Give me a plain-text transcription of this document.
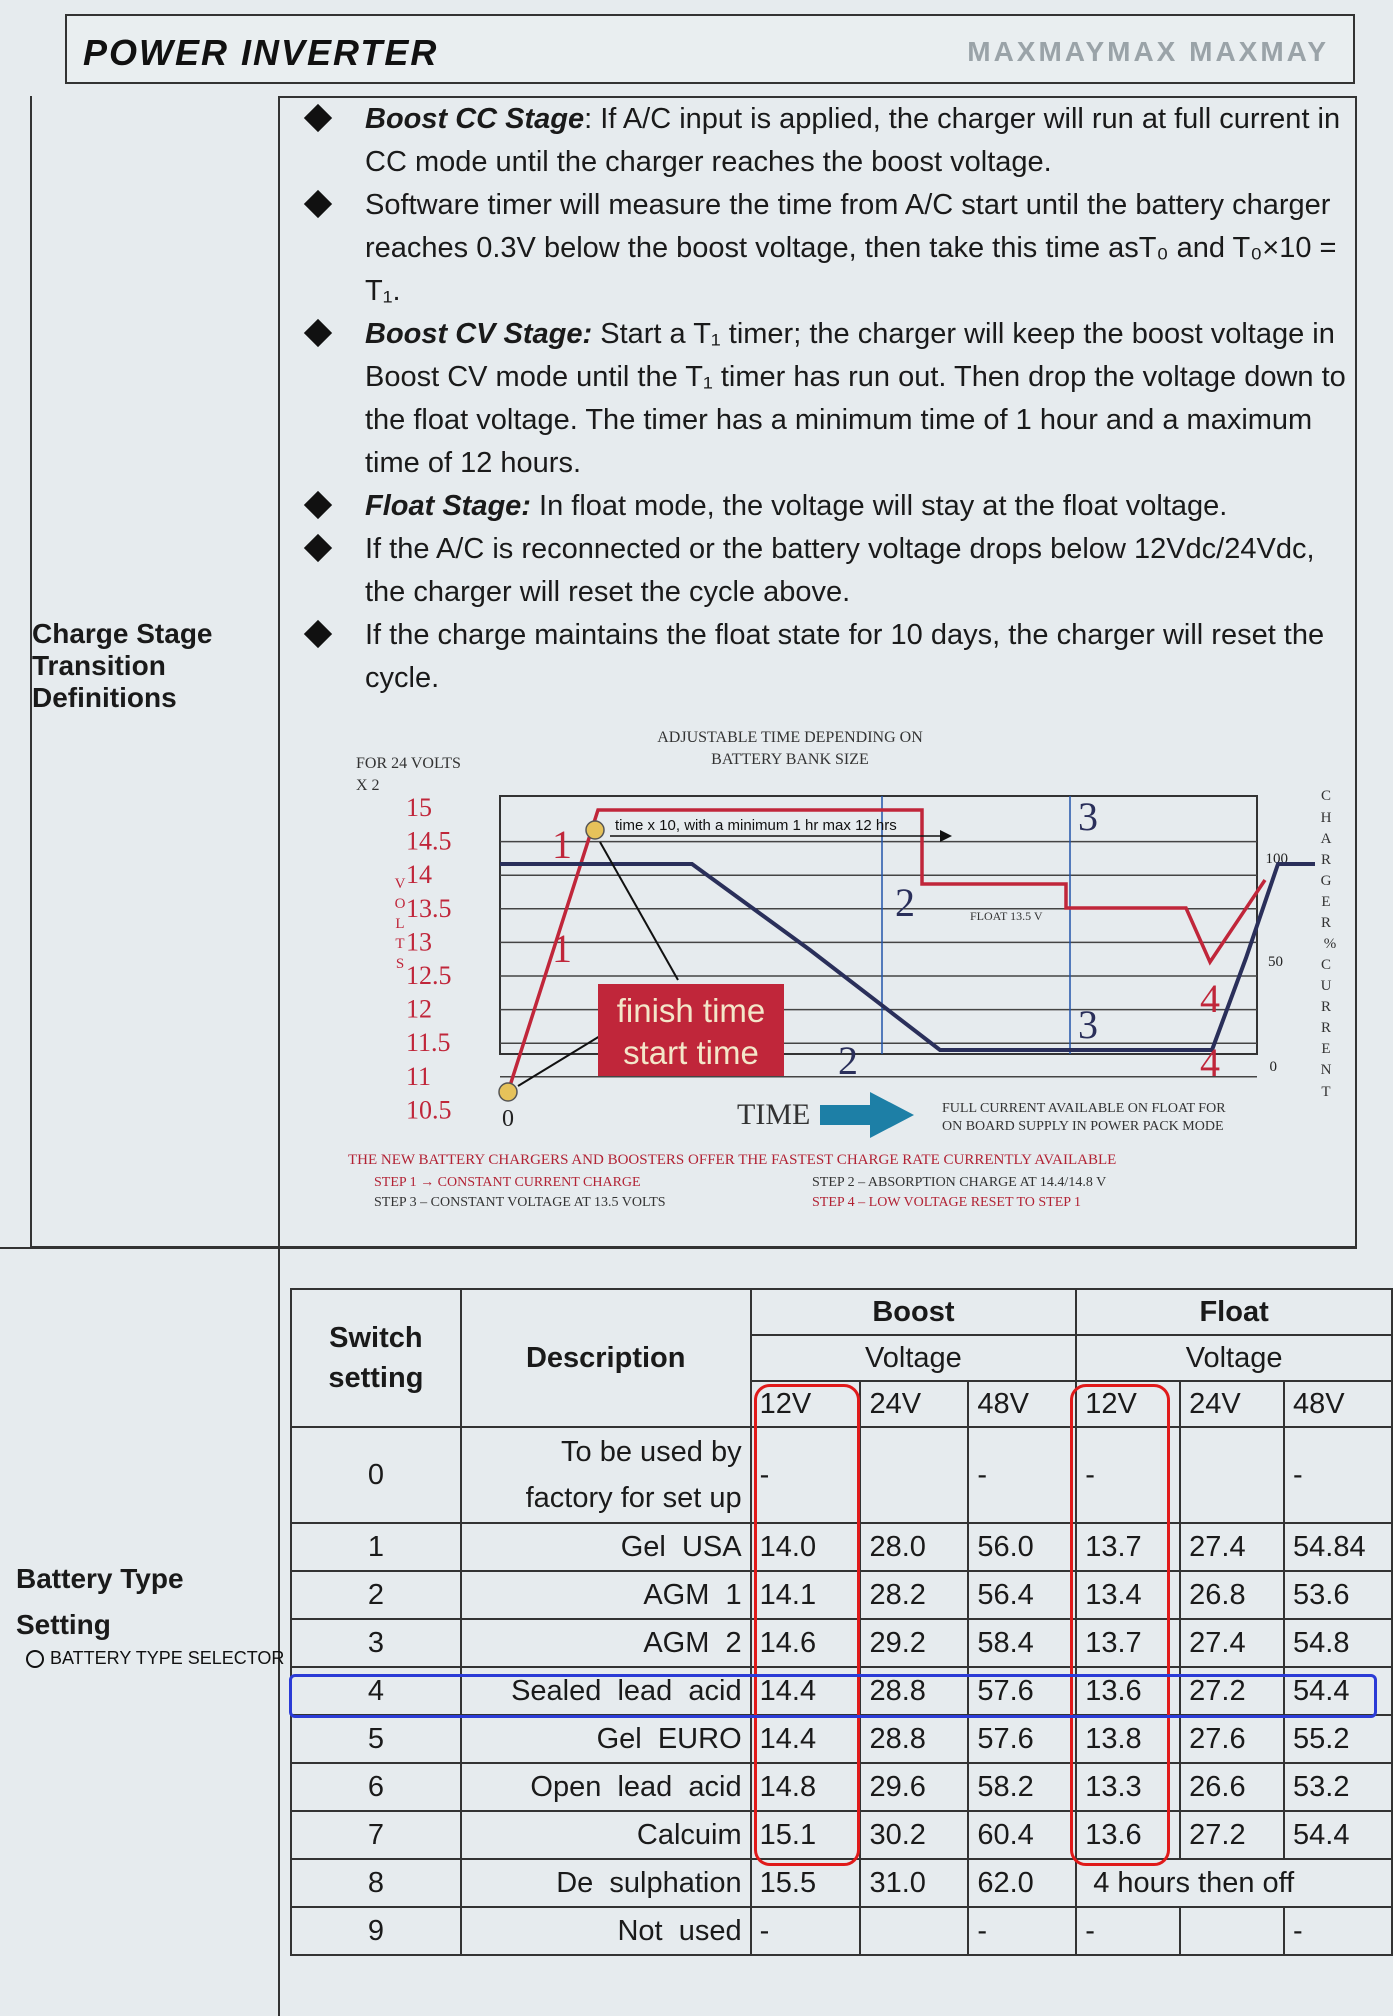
POWER INVERTER	MAXMAYMAX MAXMAY
Charge Stage
Transition
Definitions
Boost CC Stage: If A/C input is applied, the charger will run at full current in CC mode until the charger reaches the boost voltage.
Software timer will measure the time from A/C start until the battery charger reaches 0.3V below the boost voltage, then take this time asT₀ and T₀×10 = T₁.
Boost CV Stage: Start a T₁ timer; the charger will keep the boost voltage in Boost CV mode until the T₁ timer has run out. Then drop the voltage down to the float voltage. The timer has a minimum time of 1 hour and a maximum time of 12 hours.
Float Stage: In float mode, the voltage will stay at the float voltage.
If the A/C is reconnected or the battery voltage drops below 12Vdc/24Vdc, the charger will reset the cycle above.
If the charge maintains the float state for 10 days, the charger will reset the cycle.
ADJUSTABLE TIME DEPENDING ON
BATTERY BANK SIZE
FOR 24 VOLTS
X 2
V
O
L
T
S
15
14.5
14
13.5
13
12.5
12
11.5
11
10.5
100
50
0
C
H
A
R
G
E
R
%
C
U
R
R
E
N
T
time x 10, with a minimum 1 hr max 12 hrs
FLOAT 13.5 V
finish time
start time
0	TIME	FULL CURRENT AVAILABLE ON FLOAT FOR
ON BOARD SUPPLY IN POWER PACK MODE
1
1
2
2
3
3
4
4
THE NEW BATTERY CHARGERS AND BOOSTERS OFFER THE FASTEST CHARGE RATE CURRENTLY AVAILABLE
STEP 1 → CONSTANT CURRENT CHARGE	STEP 2 – ABSORPTION CHARGE AT 14.4/14.8 V
STEP 3 – CONSTANT VOLTAGE AT 13.5 VOLTS	STEP 4 – LOW VOLTAGE RESET TO STEP 1
Battery Type
Setting
BATTERY TYPE SELECTOR
Switch
setting	Description	Boost			Float		
		Voltage			Voltage		
		12V	24V	48V	12V	24V	48V
0	To be used by
factory for set up	-		-	-		-
1	Gel  USA	14.0	28.0	56.0	13.7	27.4	54.84
2	AGM  1	14.1	28.2	56.4	13.4	26.8	53.6
3	AGM  2	14.6	29.2	58.4	13.7	27.4	54.8
4	Sealed  lead  acid	14.4	28.8	57.6	13.6	27.2	54.4
5	Gel  EURO	14.4	28.8	57.6	13.8	27.6	55.2
6	Open  lead  acid	14.8	29.6	58.2	13.3	26.6	53.2
7	Calcuim	15.1	30.2	60.4	13.6	27.2	54.4
8	De  sulphation	15.5	31.0	62.0	4 hours then off		
9	Not  used	-		-	-		-
